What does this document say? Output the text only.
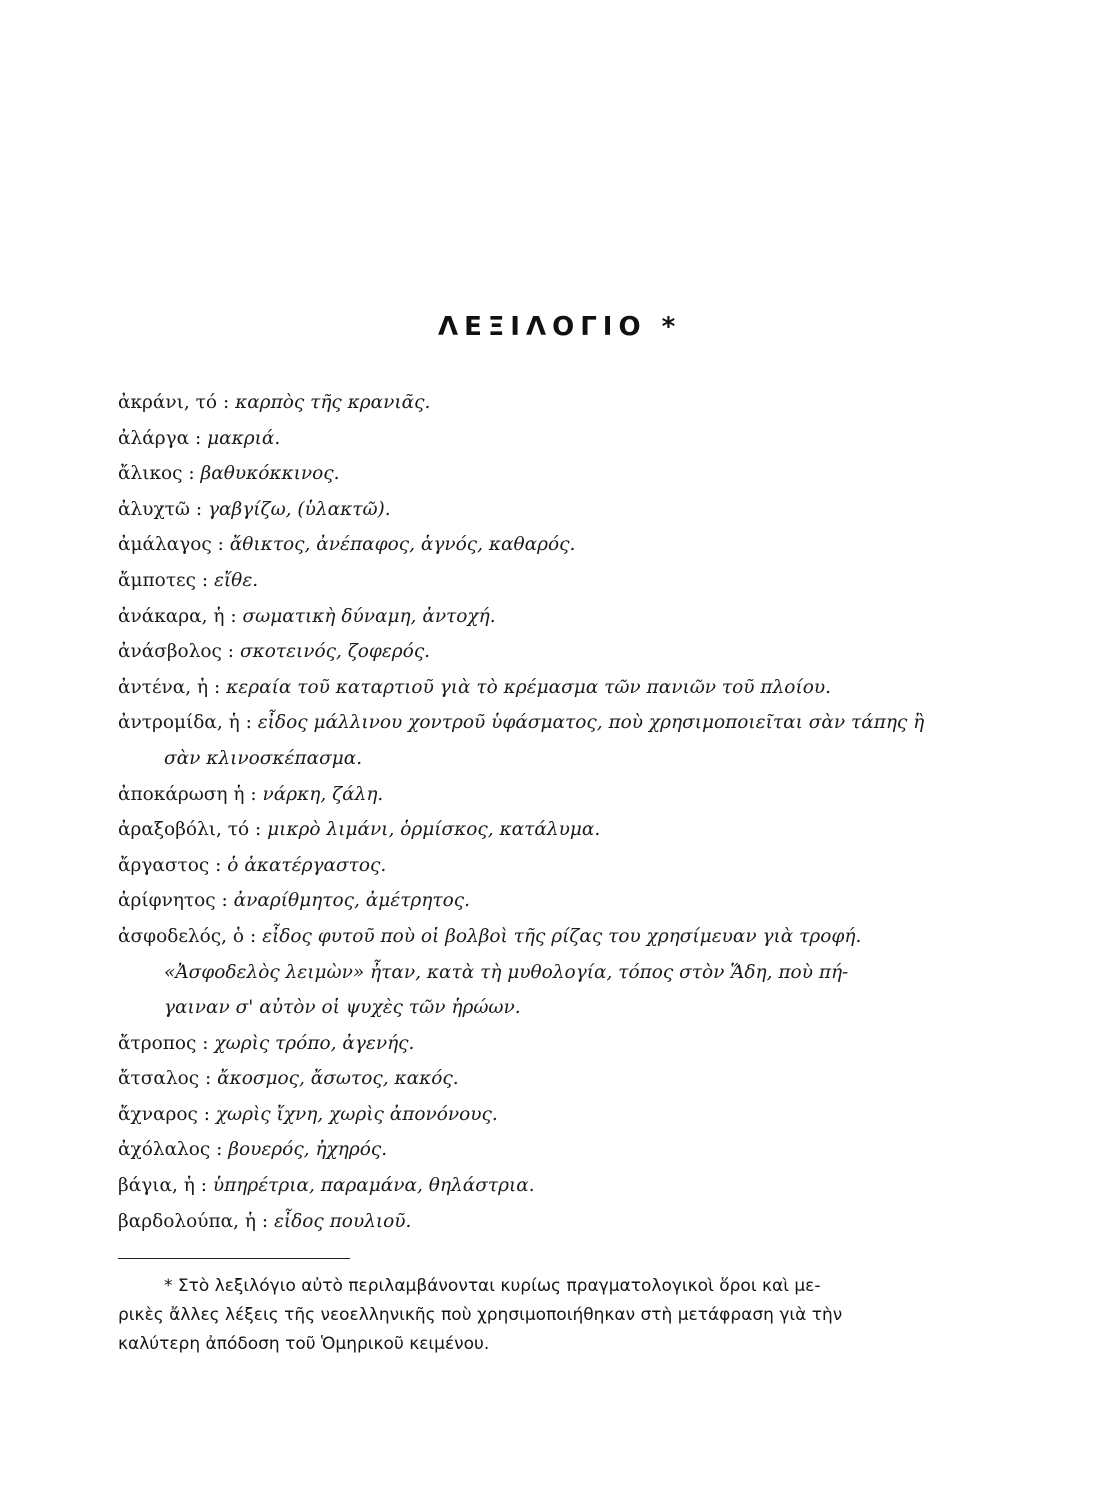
ΛΕΞΙΛΟΓΙΟ *
ἀκράνι, τό : καρπὸς τῆς κρανιᾶς.
ἀλάργα : μακριά.
ἄλικος : βαθυκόκκινος.
ἀλυχτῶ : γαβγίζω, (ὑλακτῶ).
ἀμάλαγος : ἄθικτος, ἀνέπαφος, ἁγνός, καθαρός.
ἄμποτες : εἴθε.
ἀνάκαρα, ἡ : σωματικὴ δύναμη, ἀντοχή.
ἀνάσβολος : σκοτεινός, ζοφερός.
ἀντένα, ἡ : κεραία τοῦ καταρτιοῦ γιὰ τὸ κρέμασμα τῶν πανιῶν τοῦ πλοίου.
ἀντρομίδα, ἡ : εἶδος μάλλινου χοντροῦ ὑφάσματος, ποὺ χρησιμοποιεῖται σὰν τάπης ἢ
σὰν κλινοσκέπασμα.
ἀποκάρωση ἡ : νάρκη, ζάλη.
ἀραξοβόλι, τό : μικρὸ λιμάνι, ὁρμίσκος, κατάλυμα.
ἄργαστος : ὁ ἀκατέργαστος.
ἀρίφνητος : ἀναρίθμητος, ἀμέτρητος.
ἀσφοδελός, ὁ : εἶδος φυτοῦ ποὺ οἱ βολβοὶ τῆς ρίζας του χρησίμευαν γιὰ τροφή.
«Ἀσφοδελὸς λειμὼν» ἦταν, κατὰ τὴ μυθολογία, τόπος στὸν Ἅδη, ποὺ πή-
γαιναν σ' αὐτὸν οἱ ψυχὲς τῶν ἡρώων.
ἄτροπος : χωρὶς τρόπο, ἀγενής.
ἄτσαλος : ἄκοσμος, ἄσωτος, κακός.
ἄχναρος : χωρὶς ἴχνη, χωρὶς ἀπονόνους.
ἀχόλαλος : βουερός, ἠχηρός.
βάγια, ἡ : ὑπηρέτρια, παραμάνα, θηλάστρια.
βαρδολούπα, ἡ : εἶδος πουλιοῦ.
* Στὸ λεξιλόγιο αὐτὸ περιλαμβάνονται κυρίως πραγματολογικοὶ ὅροι καὶ με-
ρικὲς ἄλλες λέξεις τῆς νεοελληνικῆς ποὺ χρησιμοποιήθηκαν στὴ μετάφραση γιὰ τὴν
καλύτερη ἀπόδοση τοῦ Ὁμηρικοῦ κειμένου.
